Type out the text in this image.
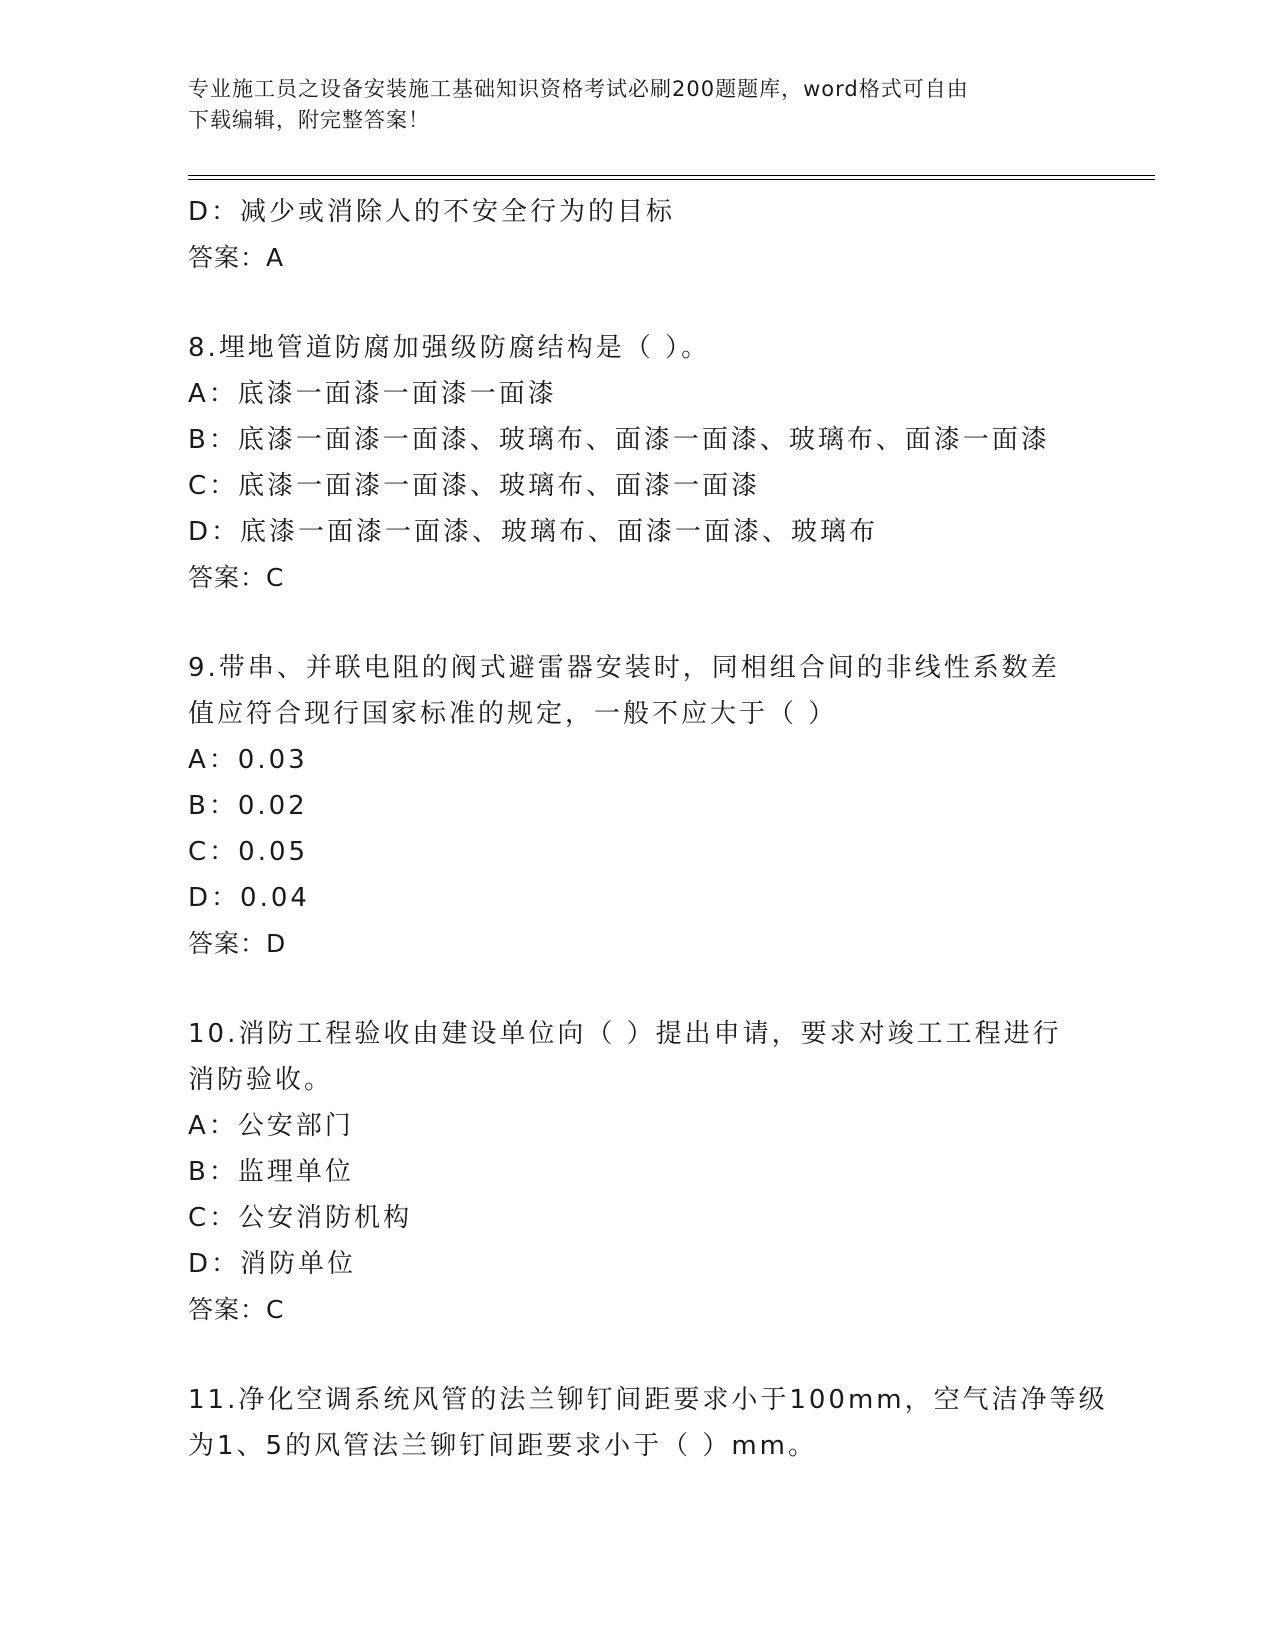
专业施工员之设备安装施工基础知识资格考试必刷200题题库，word格式可自由
下载编辑，附完整答案！
D：减少或消除人的不安全行为的目标
答案：A
8.埋地管道防腐加强级防腐结构是（ ）。
A：底漆一面漆一面漆一面漆
B：底漆一面漆一面漆、玻璃布、面漆一面漆、玻璃布、面漆一面漆
C：底漆一面漆一面漆、玻璃布、面漆一面漆
D：底漆一面漆一面漆、玻璃布、面漆一面漆、玻璃布
答案：C
9.带串、并联电阻的阀式避雷器安装时，同相组合间的非线性系数差
值应符合现行国家标准的规定，一般不应大于（ ）
A：0.03
B：0.02
C：0.05
D：0.04
答案：D
10.消防工程验收由建设单位向（ ）提出申请，要求对竣工工程进行
消防验收。
A：公安部门
B：监理单位
C：公安消防机构
D：消防单位
答案：C
11.净化空调系统风管的法兰铆钉间距要求小于100mm，空气洁净等级
为1、5的风管法兰铆钉间距要求小于（ ）mm。
